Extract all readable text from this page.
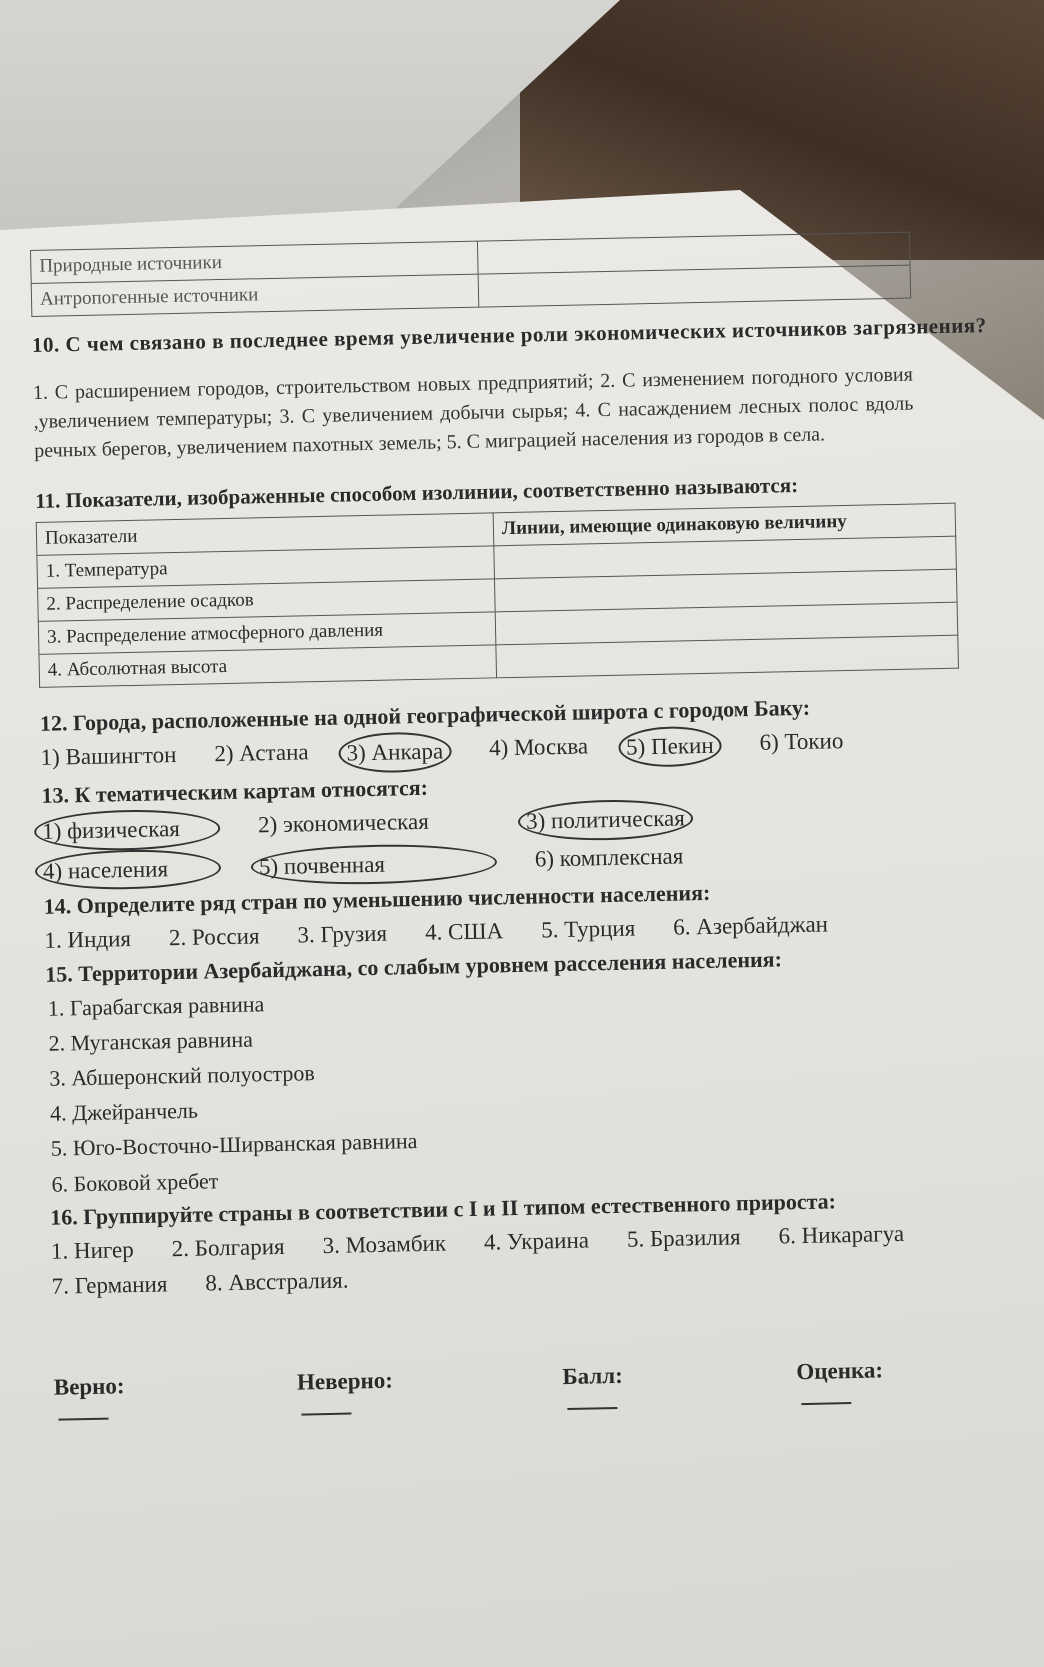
Природные источники	
Антропогенные источники	

10. С чем связано в последнее время увеличение роли экономических источников загрязнения?

1. С расширением городов, строительством новых предприятий; 2. С изменением погодного условия ,увеличением температуры; 3. С увеличением добычи сырья; 4. С насаждением лесных полос вдоль речных берегов, увеличением пахотных земель; 5. С миграцией населения из городов в села.

11. Показатели, изображенные способом изолинии, соответственно называются:

Показатели	Линии, имеющие одинаковую величину
1. Температура	
2. Распределение осадков	
3. Распределение атмосферного давления	
4. Абсолютная высота	

12. Города, расположенные на одной географической широта с городом Баку:

1) Вашингтон 2) Астана	3) Анкара	4) Москва	5) Пекин	6) Токио

13. К тематическим картам относятся:

1) физическая	2) экономическая	3) политическая
4) населения	5) почвенная	6) комплексная

14. Определите ряд стран по уменьшению численности населения:

1. Индия 2. Россия 3. Грузия 4. США 5. Турция 6. Азербайджан

15. Территории Азербайджана, со слабым уровнем расселения населения:

1. Гарабагская равнина
2. Муганская равнина
3. Абшеронский полуостров
4. Джейранчель
5. Юго-Восточно-Ширванская равнина
6. Боковой хребет

16. Группируйте страны в соответствии с I и II типом естественного прироста:

1. Нигер 2. Болгария 3. Мозамбик 4. Украина 5. Бразилия 6. Никарагуа
7. Германия 8. Авсстралия.
Верно:	Неверно:	Балл:	Оценка:
